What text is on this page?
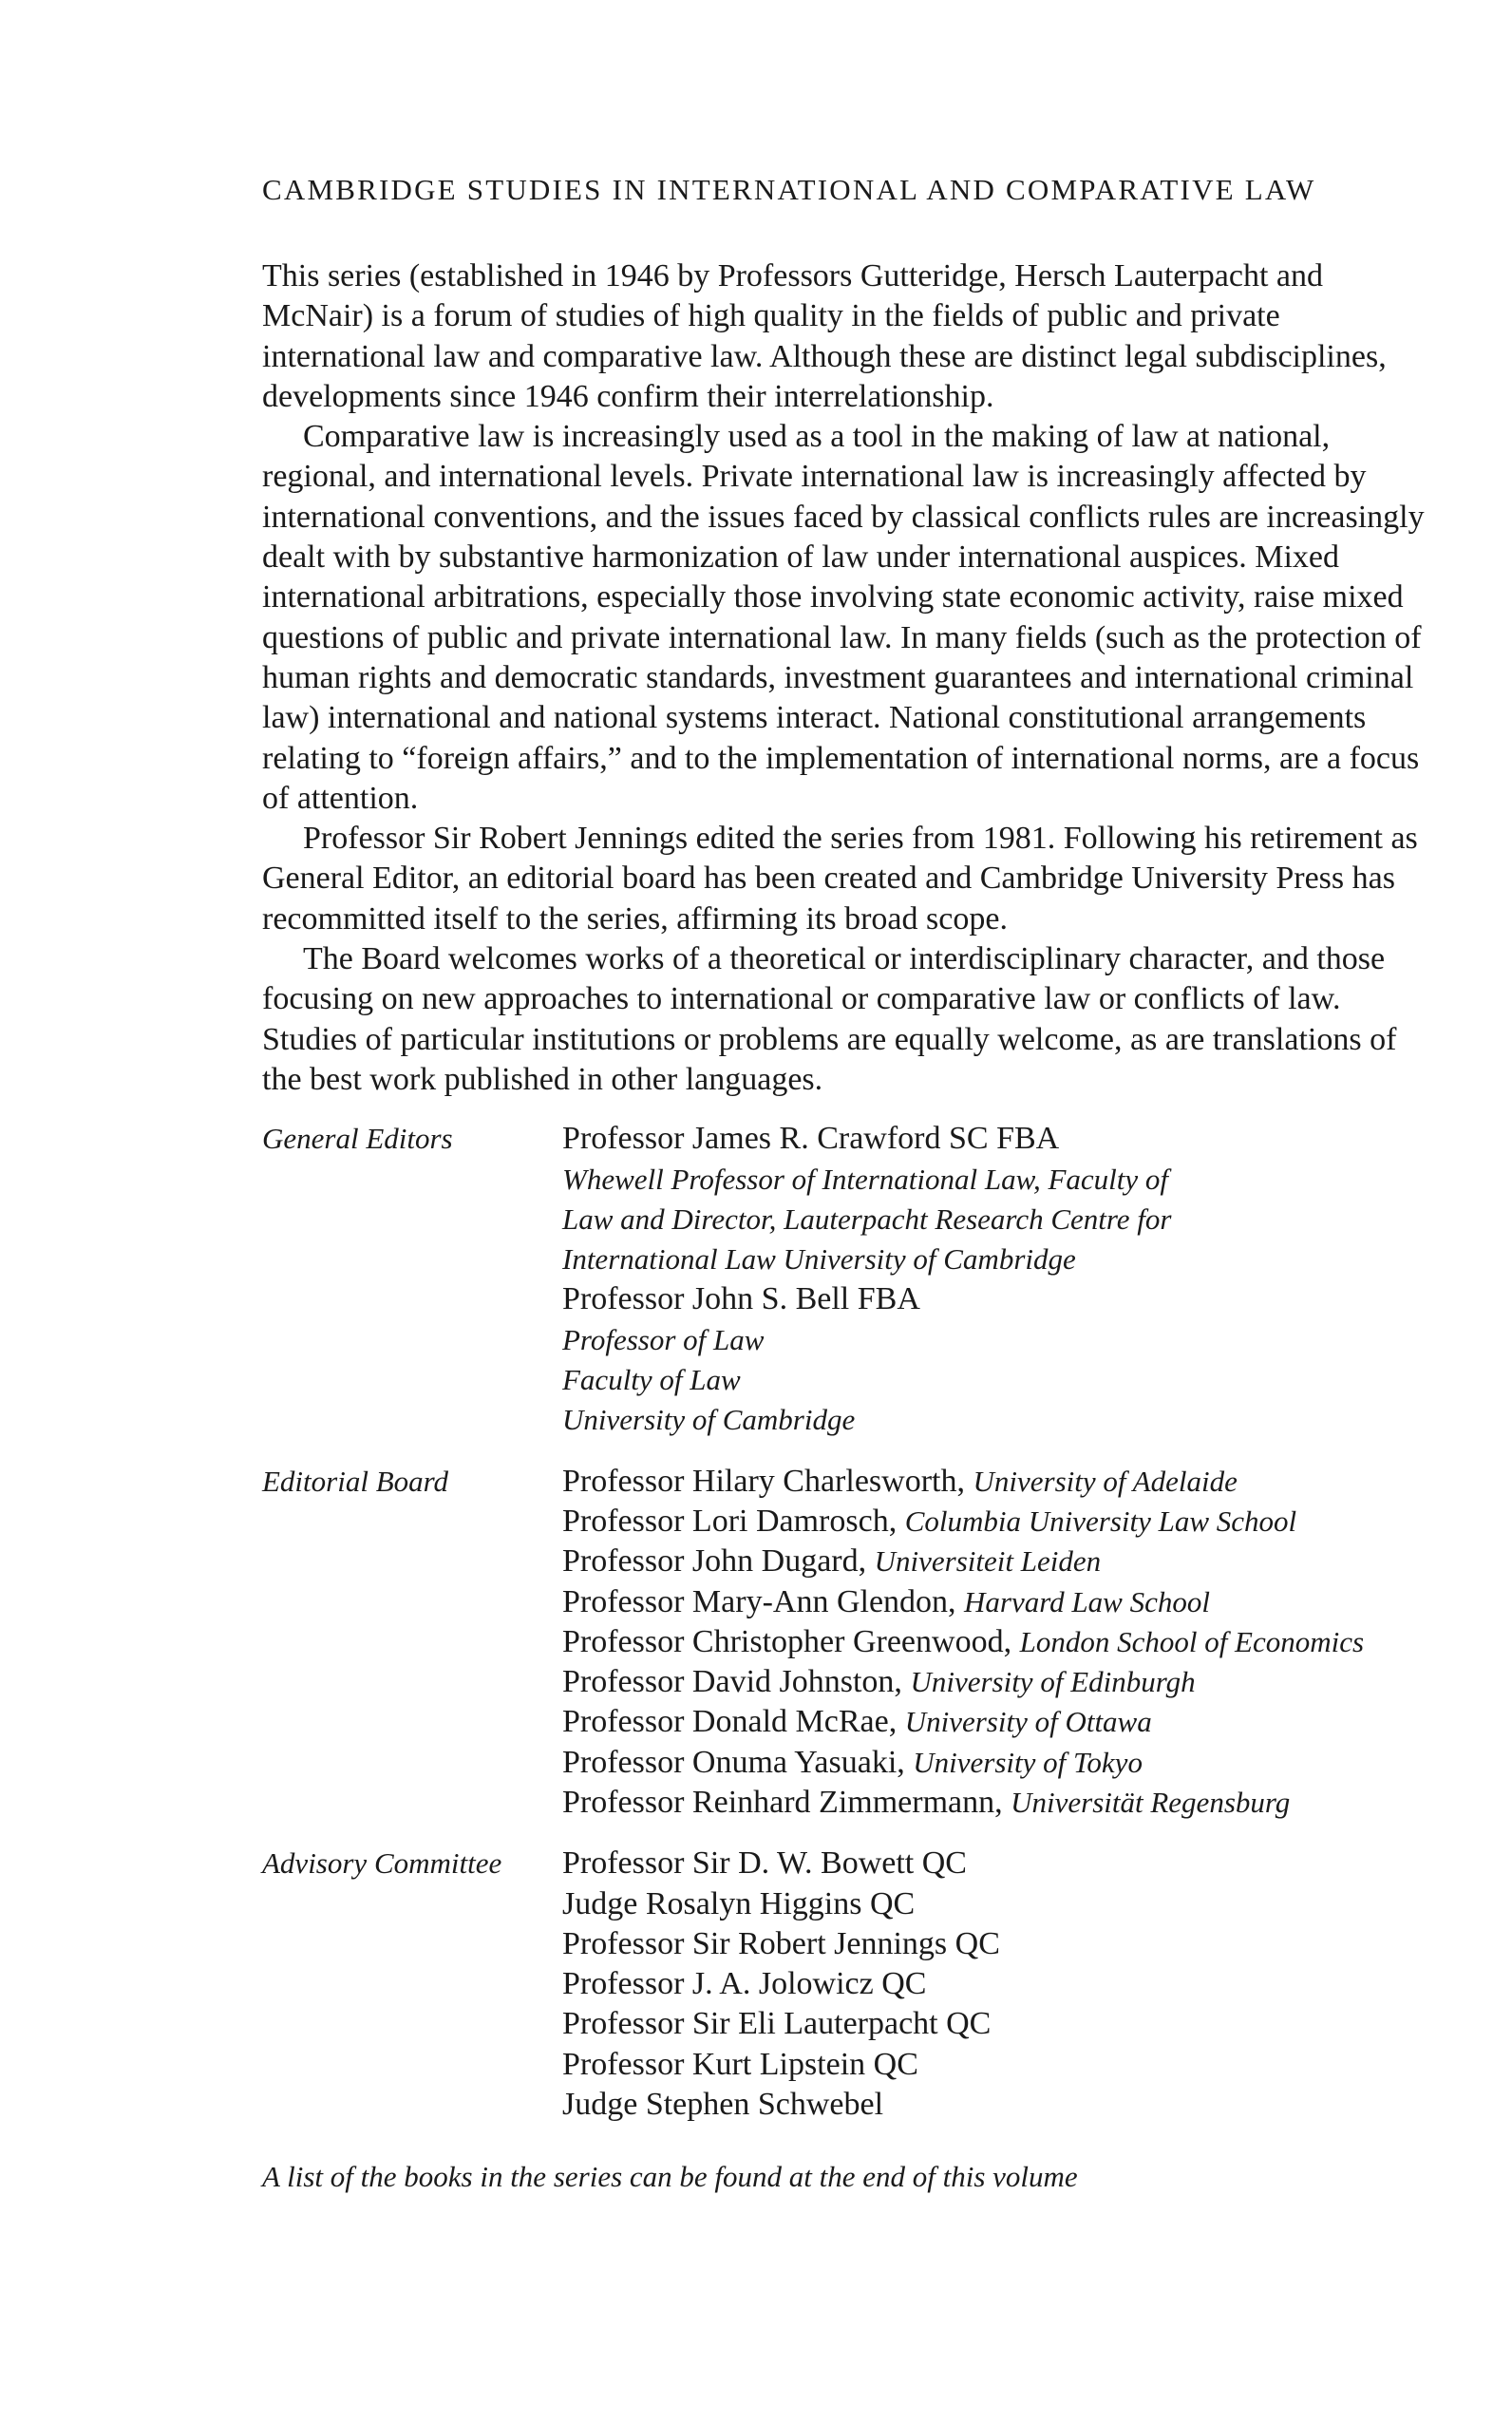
CAMBRIDGE STUDIES IN INTERNATIONAL AND COMPARATIVE LAW

This series (established in 1946 by Professors Gutteridge, Hersch Lauterpacht and McNair) is a forum of studies of high quality in the fields of public and private international law and comparative law. Although these are distinct legal subdisciplines, developments since 1946 confirm their interrelationship.

Comparative law is increasingly used as a tool in the making of law at national, regional, and international levels. Private international law is increasingly affected by international conventions, and the issues faced by classical conflicts rules are increasingly dealt with by substantive harmonization of law under international auspices. Mixed international arbitrations, especially those involving state economic activity, raise mixed questions of public and private international law. In many fields (such as the protection of human rights and democratic standards, investment guarantees and international criminal law) international and national systems interact. National constitutional arrangements relating to “foreign affairs,” and to the implementation of international norms, are a focus of attention.

Professor Sir Robert Jennings edited the series from 1981. Following his retirement as General Editor, an editorial board has been created and Cambridge University Press has recommitted itself to the series, affirming its broad scope.

The Board welcomes works of a theoretical or interdisciplinary character, and those focusing on new approaches to international or comparative law or conflicts of law. Studies of particular institutions or problems are equally welcome, as are translations of the best work published in other languages.

General Editors	Professor James R. Crawford SC FBA
Whewell Professor of International Law, Faculty of
Law and Director, Lauterpacht Research Centre for
International Law University of Cambridge
Professor John S. Bell FBA
Professor of Law
Faculty of Law
University of Cambridge
Editorial Board	Professor Hilary Charlesworth, University of Adelaide
Professor Lori Damrosch, Columbia University Law School
Professor John Dugard, Universiteit Leiden
Professor Mary-Ann Glendon, Harvard Law School
Professor Christopher Greenwood, London School of Economics
Professor David Johnston, University of Edinburgh
Professor Donald McRae, University of Ottawa
Professor Onuma Yasuaki, University of Tokyo
Professor Reinhard Zimmermann, Universität Regensburg
Advisory Committee	Professor Sir D. W. Bowett QC
Judge Rosalyn Higgins QC
Professor Sir Robert Jennings QC
Professor J. A. Jolowicz QC
Professor Sir Eli Lauterpacht QC
Professor Kurt Lipstein QC
Judge Stephen Schwebel
A list of the books in the series can be found at the end of this volume
